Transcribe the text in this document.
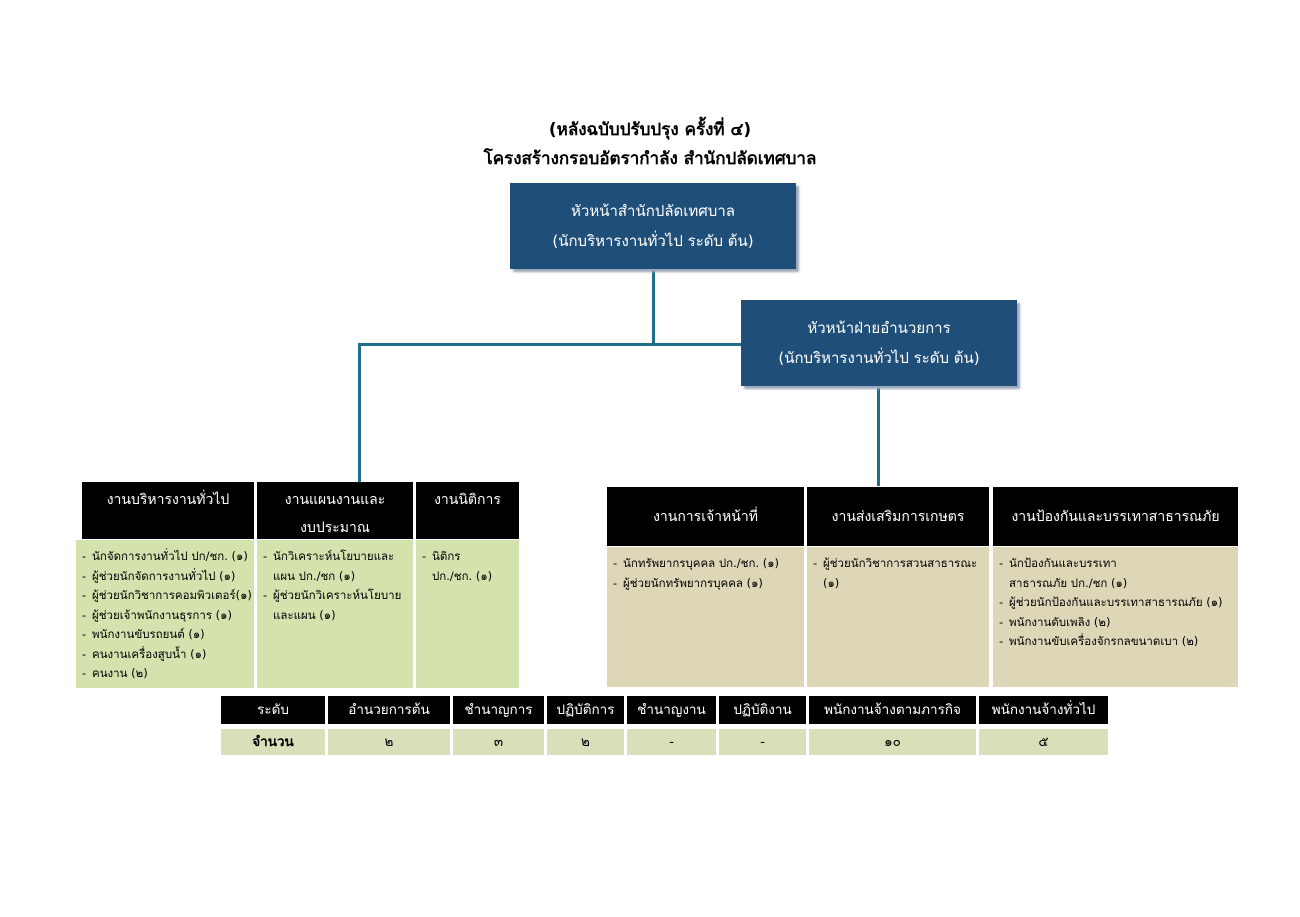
(หลังฉบับปรับปรุง ครั้งที่ ๔)
โครงสร้างกรอบอัตรากำลัง สำนักปลัดเทศบาล
หัวหน้าสำนักปลัดเทศบาล
(นักบริหารงานทั่วไป ระดับ ต้น)
หัวหน้าฝ่ายอำนวยการ
(นักบริหารงานทั่วไป ระดับ ต้น)
งานบริหารงานทั่วไป	งานแผนงานและ
งบประมาณ
งานนิติการ
งานการเจ้าหน้าที่	งานส่งเสริมการเกษตร	งานป้องกันและบรรเทาสาธารณภัย
- นักจัดการงานทั่วไป ปก/ชก. (๑)
- ผู้ช่วยนักจัดการงานทั่วไป (๑)
- ผู้ช่วยนักวิชาการคอมพิวเตอร์(๑)
- ผู้ช่วยเจ้าพนักงานธุรการ (๑)
- พนักงานขับรถยนต์ (๑)
- คนงานเครื่องสูบน้ำ (๑)
- คนงาน (๒)
- นักวิเคราะห์นโยบายและ
แผน ปก./ชก (๑)
- ผู้ช่วยนักวิเคราะห์นโยบาย
และแผน (๑)
- นิติกร
ปก./ชก. (๑)
- นักทรัพยากรบุคคล ปก./ชก. (๑)
- ผู้ช่วยนักทรัพยากรบุคคล (๑)
- ผู้ช่วยนักวิชาการสวนสาธารณะ
(๑)
- นักป้องกันและบรรเทา
สาธารณภัย ปก./ชก (๑)
- ผู้ช่วยนักป้องกันและบรรเทาสาธารณภัย (๑)
- พนักงานดับเพลิง (๒)
- พนักงานขับเครื่องจักรกลขนาดเบา (๒)
ระดับ	อำนวยการต้น	ชำนาญการ	ปฏิบัติการ	ชำนาญงาน	ปฏิบัติงาน	พนักงานจ้างตามภารกิจ	พนักงานจ้างทั่วไป
จำนวน	๒	๓	๒	-	-	๑๐	๕
